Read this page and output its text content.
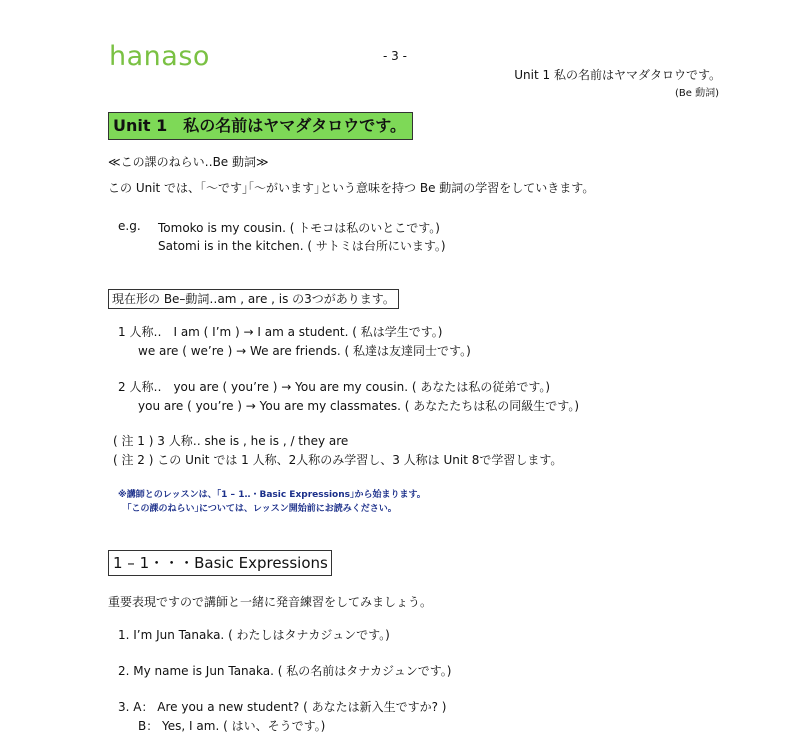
hanaso	- 3 -
Unit 1 私の名前はヤマダタロウです。
(Be 動詞)
Unit 1　私の名前はヤマダタロウです。
≪この課のねらい‥Be 動詞≫
この Unit では、｢～です｣｢～がいます｣という意味を持つ Be 動詞の学習をしていきます。
e.g. Tomoko is my cousin. ( トモコは私のいとこです。)
Satomi is in the kitchen. ( サトミは台所にいます。)
現在形の Be–動詞‥am , are , is の3つがあります。
1 人称‥　I am ( I’m ) → I am a student. ( 私は学生です。)
we are ( we’re ) → We are friends. ( 私達は友達同士です。)
2 人称‥　you are ( you’re ) → You are my cousin. ( あなたは私の従弟です。)
you are ( you’re ) → You are my classmates. ( あなたたちは私の同級生です。)
( 注 1 ) 3 人称‥ she is , he is , / they are
( 注 2 ) この Unit では 1 人称、2人称のみ学習し、3 人称は Unit 8で学習します。
※講師とのレッスンは、｢1 – 1‥・Basic Expressions｣から始まります。
｢この課のねらい｣については、レッスン開始前にお読みください。
1 – 1・・・Basic Expressions
重要表現ですので講師と一緒に発音練習をしてみましょう。
1. I’m Jun Tanaka. ( わたしはタナカジュンです。)
2. My name is Jun Tanaka. ( 私の名前はタナカジュンです。)
3. A： Are you a new student? ( あなたは新入生ですか? )
B： Yes, I am. ( はい、そうです。)
